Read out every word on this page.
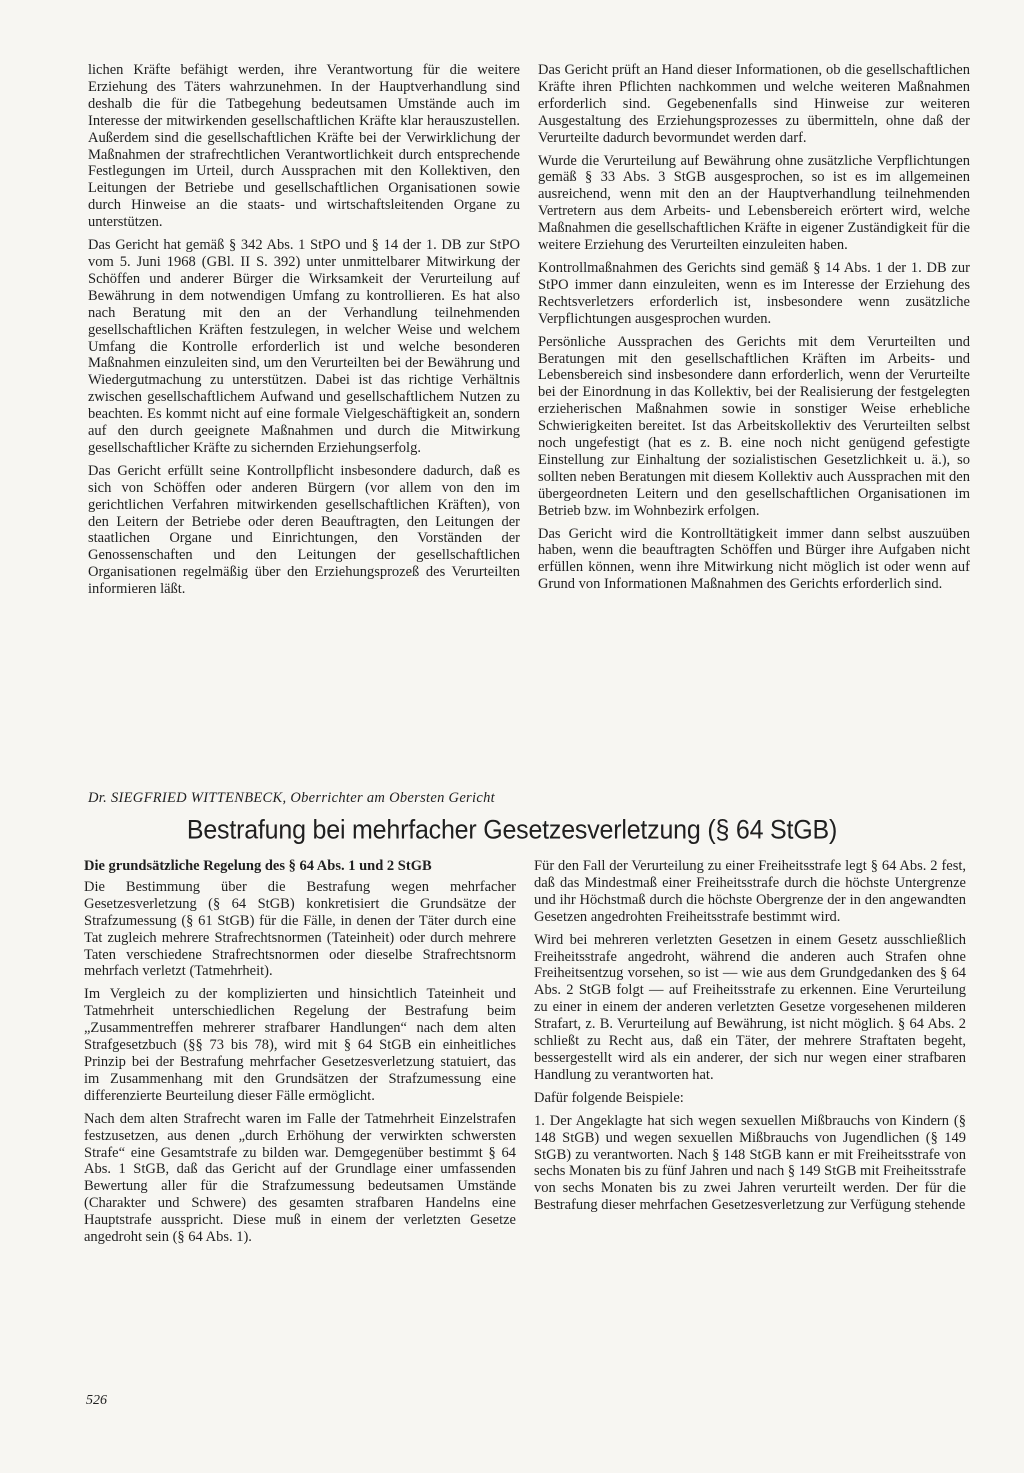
lichen Kräfte befähigt werden, ihre Verantwortung für die weitere Erziehung des Täters wahrzunehmen. In der Hauptverhandlung sind deshalb die für die Tatbegehung bedeutsamen Umstände auch im Interesse der mitwirkenden gesellschaftlichen Kräfte klar herauszustellen. Außerdem sind die gesellschaftlichen Kräfte bei der Verwirklichung der Maßnahmen der strafrechtlichen Verantwortlichkeit durch entsprechende Festlegungen im Urteil, durch Aussprachen mit den Kollektiven, den Leitungen der Betriebe und gesellschaftlichen Organisationen sowie durch Hinweise an die staats- und wirtschaftsleitenden Organe zu unterstützen.

Das Gericht hat gemäß § 342 Abs. 1 StPO und § 14 der 1. DB zur StPO vom 5. Juni 1968 (GBl. II S. 392) unter unmittelbarer Mitwirkung der Schöffen und anderer Bürger die Wirksamkeit der Verurteilung auf Bewährung in dem notwendigen Umfang zu kontrollieren. Es hat also nach Beratung mit den an der Verhandlung teilnehmenden gesellschaftlichen Kräften festzulegen, in welcher Weise und welchem Umfang die Kontrolle erforderlich ist und welche besonderen Maßnahmen einzuleiten sind, um den Verurteilten bei der Bewährung und Wiedergutmachung zu unterstützen. Dabei ist das richtige Verhältnis zwischen gesellschaftlichem Aufwand und gesellschaftlichem Nutzen zu beachten. Es kommt nicht auf eine formale Vielgeschäftigkeit an, sondern auf den durch geeignete Maßnahmen und durch die Mitwirkung gesellschaftlicher Kräfte zu sichernden Erziehungserfolg.

Das Gericht erfüllt seine Kontrollpflicht insbesondere dadurch, daß es sich von Schöffen oder anderen Bürgern (vor allem von den im gerichtlichen Verfahren mitwirkenden gesellschaftlichen Kräften), von den Leitern der Betriebe oder deren Beauftragten, den Leitungen der staatlichen Organe und Einrichtungen, den Vorständen der Genossenschaften und den Leitungen der gesellschaftlichen Organisationen regelmäßig über den Erziehungsprozeß des Verurteilten informieren läßt.

Das Gericht prüft an Hand dieser Informationen, ob die gesellschaftlichen Kräfte ihren Pflichten nachkommen und welche weiteren Maßnahmen erforderlich sind. Gegebenenfalls sind Hinweise zur weiteren Ausgestaltung des Erziehungsprozesses zu übermitteln, ohne daß der Verurteilte dadurch bevormundet werden darf.

Wurde die Verurteilung auf Bewährung ohne zusätzliche Verpflichtungen gemäß § 33 Abs. 3 StGB ausgesprochen, so ist es im allgemeinen ausreichend, wenn mit den an der Hauptverhandlung teilnehmenden Vertretern aus dem Arbeits- und Lebensbereich erörtert wird, welche Maßnahmen die gesellschaftlichen Kräfte in eigener Zuständigkeit für die weitere Erziehung des Verurteilten einzuleiten haben.

Kontrollmaßnahmen des Gerichts sind gemäß § 14 Abs. 1 der 1. DB zur StPO immer dann einzuleiten, wenn es im Interesse der Erziehung des Rechtsverletzers erforderlich ist, insbesondere wenn zusätzliche Verpflichtungen ausgesprochen wurden.

Persönliche Aussprachen des Gerichts mit dem Verurteilten und Beratungen mit den gesellschaftlichen Kräften im Arbeits- und Lebensbereich sind insbesondere dann erforderlich, wenn der Verurteilte bei der Einordnung in das Kollektiv, bei der Realisierung der festgelegten erzieherischen Maßnahmen sowie in sonstiger Weise erhebliche Schwierigkeiten bereitet. Ist das Arbeitskollektiv des Verurteilten selbst noch ungefestigt (hat es z. B. eine noch nicht genügend gefestigte Einstellung zur Einhaltung der sozialistischen Gesetzlichkeit u. ä.), so sollten neben Beratungen mit diesem Kollektiv auch Aussprachen mit den übergeordneten Leitern und den gesellschaftlichen Organisationen im Betrieb bzw. im Wohnbezirk erfolgen.

Das Gericht wird die Kontrolltätigkeit immer dann selbst auszuüben haben, wenn die beauftragten Schöffen und Bürger ihre Aufgaben nicht erfüllen können, wenn ihre Mitwirkung nicht möglich ist oder wenn auf Grund von Informationen Maßnahmen des Gerichts erforderlich sind.

Dr. SIEGFRIED WITTENBECK, Oberrichter am Obersten Gericht
Bestrafung bei mehrfacher Gesetzesverletzung (§ 64 StGB)
Die grundsätzliche Regelung des § 64 Abs. 1 und 2 StGB

Die Bestimmung über die Bestrafung wegen mehrfacher Gesetzesverletzung (§ 64 StGB) konkretisiert die Grundsätze der Strafzumessung (§ 61 StGB) für die Fälle, in denen der Täter durch eine Tat zugleich mehrere Strafrechtsnormen (Tateinheit) oder durch mehrere Taten verschiedene Strafrechtsnormen oder dieselbe Strafrechtsnorm mehrfach verletzt (Tatmehrheit).

Im Vergleich zu der komplizierten und hinsichtlich Tateinheit und Tatmehrheit unterschiedlichen Regelung der Bestrafung beim „Zusammentreffen mehrerer strafbarer Handlungen“ nach dem alten Strafgesetzbuch (§§ 73 bis 78), wird mit § 64 StGB ein einheitliches Prinzip bei der Bestrafung mehrfacher Gesetzesverletzung statuiert, das im Zusammenhang mit den Grundsätzen der Strafzumessung eine differenzierte Beurteilung dieser Fälle ermöglicht.

Nach dem alten Strafrecht waren im Falle der Tatmehrheit Einzelstrafen festzusetzen, aus denen „durch Erhöhung der verwirkten schwersten Strafe“ eine Gesamtstrafe zu bilden war. Demgegenüber bestimmt § 64 Abs. 1 StGB, daß das Gericht auf der Grundlage einer umfassenden Bewertung aller für die Strafzumessung bedeutsamen Umstände (Charakter und Schwere) des gesamten strafbaren Handelns eine Hauptstrafe ausspricht. Diese muß in einem der verletzten Gesetze angedroht sein (§ 64 Abs. 1).

Für den Fall der Verurteilung zu einer Freiheitsstrafe legt § 64 Abs. 2 fest, daß das Mindestmaß einer Freiheitsstrafe durch die höchste Untergrenze und ihr Höchstmaß durch die höchste Obergrenze der in den angewandten Gesetzen angedrohten Freiheitsstrafe bestimmt wird.

Wird bei mehreren verletzten Gesetzen in einem Gesetz ausschließlich Freiheitsstrafe angedroht, während die anderen auch Strafen ohne Freiheitsentzug vorsehen, so ist — wie aus dem Grundgedanken des § 64 Abs. 2 StGB folgt — auf Freiheitsstrafe zu erkennen. Eine Verurteilung zu einer in einem der anderen verletzten Gesetze vorgesehenen milderen Strafart, z. B. Verurteilung auf Bewährung, ist nicht möglich. § 64 Abs. 2 schließt zu Recht aus, daß ein Täter, der mehrere Straftaten begeht, bessergestellt wird als ein anderer, der sich nur wegen einer strafbaren Handlung zu verantworten hat.

Dafür folgende Beispiele:

1. Der Angeklagte hat sich wegen sexuellen Mißbrauchs von Kindern (§ 148 StGB) und wegen sexuellen Mißbrauchs von Jugendlichen (§ 149 StGB) zu verantworten. Nach § 148 StGB kann er mit Freiheitsstrafe von sechs Monaten bis zu fünf Jahren und nach § 149 StGB mit Freiheitsstrafe von sechs Monaten bis zu zwei Jahren verurteilt werden. Der für die Bestrafung dieser mehrfachen Gesetzesverletzung zur Verfügung stehende

526
